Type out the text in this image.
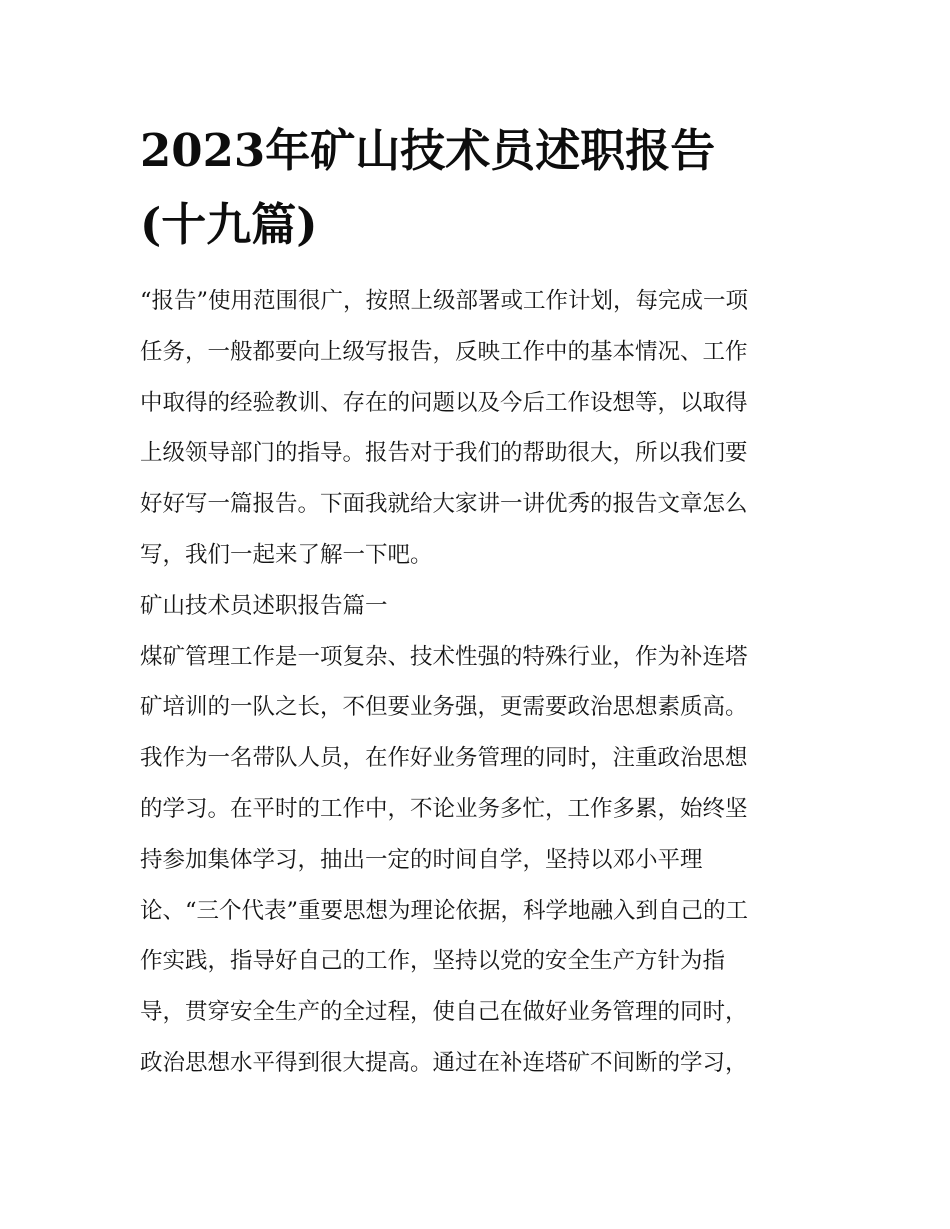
2023年矿山技术员述职报告
(十九篇)
“报告”使用范围很广，按照上级部署或工作计划，每完成一项
任务，一般都要向上级写报告，反映工作中的基本情况、工作
中取得的经验教训、存在的问题以及今后工作设想等，以取得
上级领导部门的指导。报告对于我们的帮助很大，所以我们要
好好写一篇报告。下面我就给大家讲一讲优秀的报告文章怎么
写，我们一起来了解一下吧。
矿山技术员述职报告篇一
煤矿管理工作是一项复杂、技术性强的特殊行业，作为补连塔
矿培训的一队之长，不但要业务强，更需要政治思想素质高。
我作为一名带队人员，在作好业务管理的同时，注重政治思想
的学习。在平时的工作中，不论业务多忙，工作多累，始终坚
持参加集体学习，抽出一定的时间自学，坚持以邓小平理
论、“三个代表”重要思想为理论依据，科学地融入到自己的工
作实践，指导好自己的工作，坚持以党的安全生产方针为指
导，贯穿安全生产的全过程，使自己在做好业务管理的同时，
政治思想水平得到很大提高。通过在补连塔矿不间断的学习，
